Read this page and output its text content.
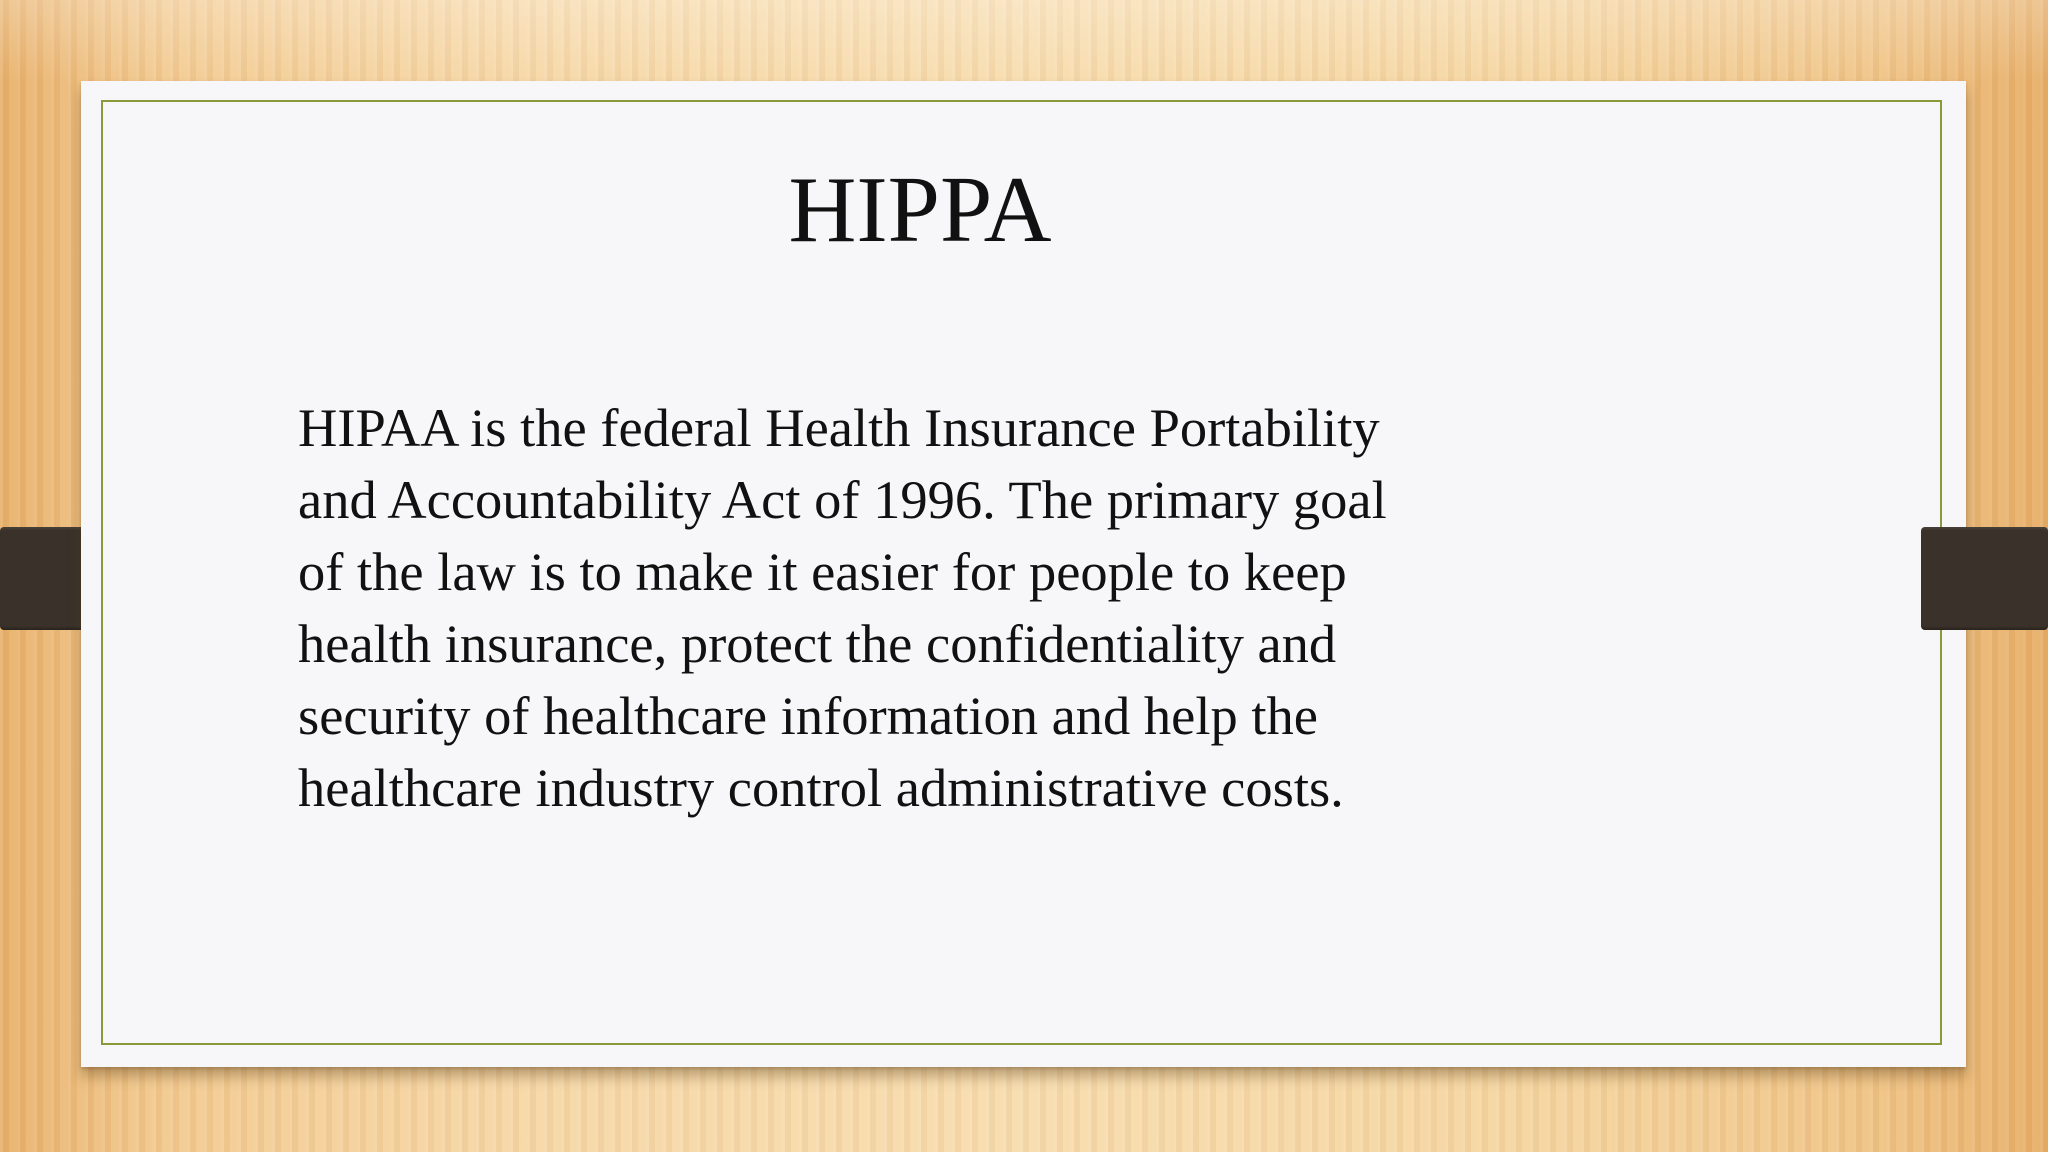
HIPPA
HIPAA is the federal Health Insurance Portability
and Accountability Act of 1996. The primary goal
of the law is to make it easier for people to keep
health insurance, protect the confidentiality and
security of healthcare information and help the
healthcare industry control administrative costs.
